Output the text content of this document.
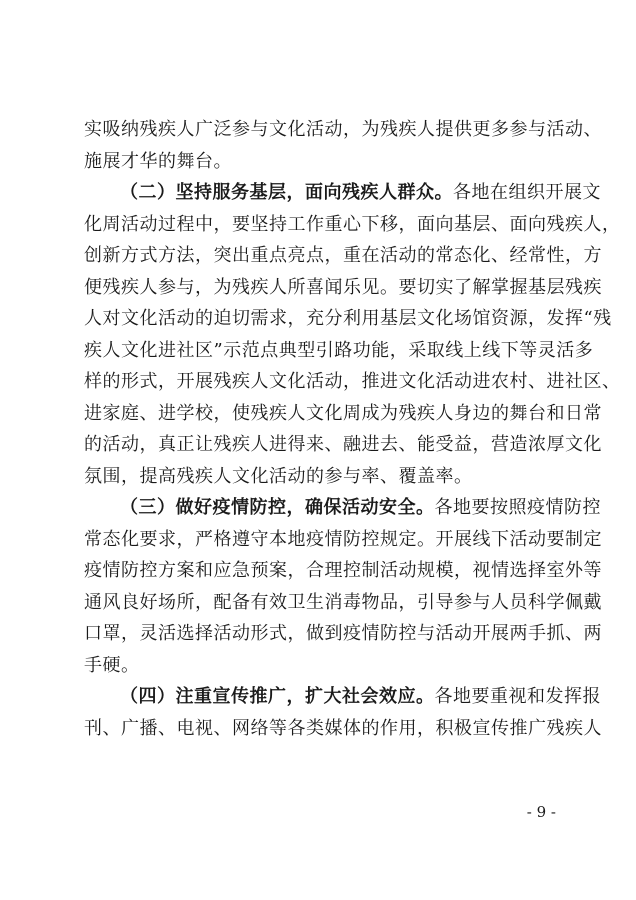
实吸纳残疾人广泛参与文化活动，为残疾人提供更多参与活动、
施展才华的舞台。
（二）坚持服务基层，面向残疾人群众。各地在组织开展文
化周活动过程中，要坚持工作重心下移，面向基层、面向残疾人，
创新方式方法，突出重点亮点，重在活动的常态化、经常性，方
便残疾人参与，为残疾人所喜闻乐见。要切实了解掌握基层残疾
人对文化活动的迫切需求，充分利用基层文化场馆资源，发挥“残
疾人文化进社区”示范点典型引路功能，采取线上线下等灵活多
样的形式，开展残疾人文化活动，推进文化活动进农村、进社区、
进家庭、进学校，使残疾人文化周成为残疾人身边的舞台和日常
的活动，真正让残疾人进得来、融进去、能受益，营造浓厚文化
氛围，提高残疾人文化活动的参与率、覆盖率。
（三）做好疫情防控，确保活动安全。各地要按照疫情防控
常态化要求，严格遵守本地疫情防控规定。开展线下活动要制定
疫情防控方案和应急预案，合理控制活动规模，视情选择室外等
通风良好场所，配备有效卫生消毒物品，引导参与人员科学佩戴
口罩，灵活选择活动形式，做到疫情防控与活动开展两手抓、两
手硬。
（四）注重宣传推广，扩大社会效应。各地要重视和发挥报
刊、广播、电视、网络等各类媒体的作用，积极宣传推广残疾人
- 9 -
